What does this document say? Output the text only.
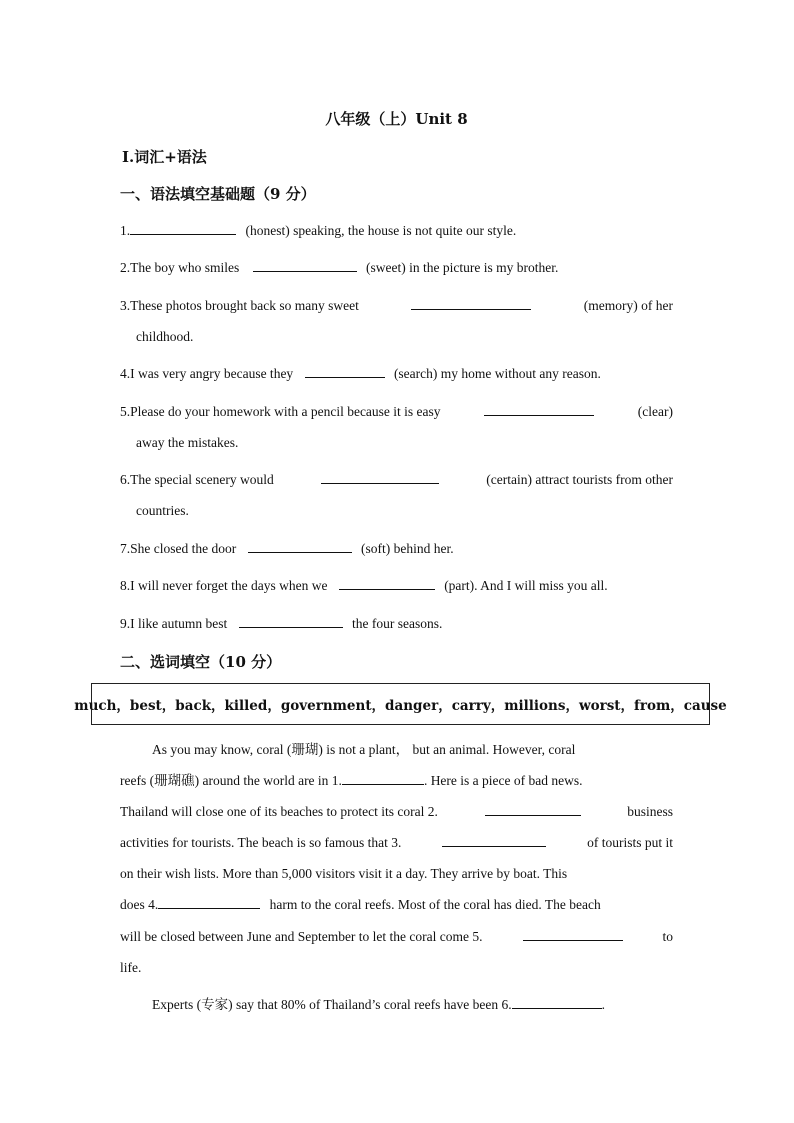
八年级（上）Unit 8
Ⅰ.词汇+语法
一、语法填空基础题（9 分）
1.	(honest) speaking, the house is not quite our style.
2.The boy who smiles	(sweet) in the picture is my brother.
3.These photos brought back so many sweet	(memory) of her
childhood.
4.I was very angry because they	(search) my home without any reason.
5.Please do your homework with a pencil because it is easy	(clear)
away the mistakes.
6.The special scenery would	(certain) attract tourists from other
countries.
7.She closed the door	(soft) behind her.
8.I will never forget the days when we	(part). And I will miss you all.
9.I like autumn best	the four seasons.
二、选词填空（10 分）
much，best，back，killed，government，danger，carry，millions，worst，from，cause
As you may know, coral (珊瑚) is not a plant， but an animal. However, coral
reefs (珊瑚礁) around the world are in 1.	. Here is a piece of bad news.
Thailand will close one of its beaches to protect its coral 2.	business
activities for tourists. The beach is so famous that 3.	of tourists put it
on their wish lists. More than 5,000 visitors visit it a day. They arrive by boat. This
does 4.	harm to the coral reefs. Most of the coral has died. The beach
will be closed between June and September to let the coral come 5.	to
life.
Experts (专家) say that 80% of Thailand’s coral reefs have been 6.	.
